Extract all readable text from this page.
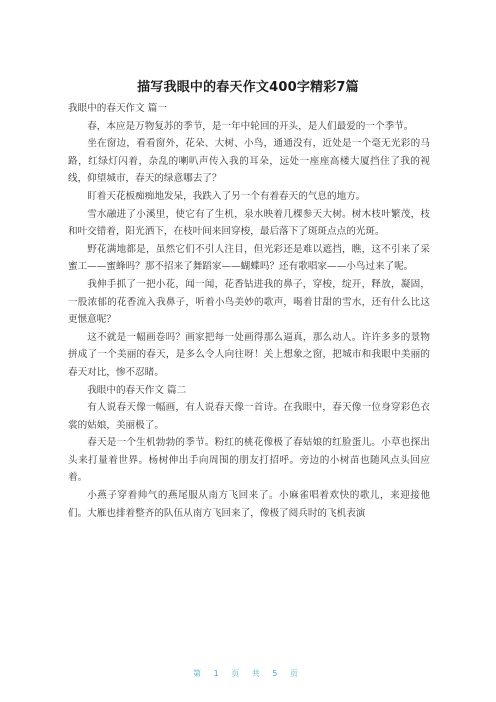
描写我眼中的春天作文400字精彩7篇

我眼中的春天作文 篇一

春，本应是万物复苏的季节，是一年中轮回的开头，是人们最爱的一个季节。

坐在窗边，看看窗外，花朵、大树、小鸟，通通没有，近处是一个毫无光彩的马路，红绿灯闪着，杂乱的喇叭声传入我的耳朵，远处一座座高楼大厦挡住了我的视线，仰望城市，春天的绿意哪去了？

盯着天花板痴痴地发呆，我跌入了另一个有着春天的气息的地方。

雪水融进了小溪里，使它有了生机，泉水映着几棵参天大树。树木枝叶繁茂，枝和叶交错着，阳光洒下，在枝叶间来回穿梭，最后落下了斑斑点点的光斑。

野花满地都是，虽然它们不引人注目，但光彩还是难以遮挡，瞧，这不引来了采蜜工——蜜蜂吗？那不招来了舞蹈家——蝴蝶吗？还有歌唱家——小鸟过来了呢。

我伸手抓了一把小花，闻一闻，花香钻进我的鼻子，穿梭，绽开，释放，凝固，一股浓郁的花香流入我鼻子，听着小鸟美妙的歌声，喝着甘甜的雪水，还有什么比这更惬意呢？

这不就是一幅画卷吗？画家把每一处画得那么逼真，那么动人。许许多多的景物拼成了一个美丽的春天，是多么令人向往呀！关上想象之窗，把城市和我眼中美丽的春天对比，惨不忍睹。

我眼中的春天作文 篇二

有人说春天像一幅画，有人说春天像一首诗。在我眼中，春天像一位身穿彩色衣裳的姑娘，美丽极了。

春天是一个生机勃勃的季节。粉红的桃花像极了春姑娘的红脸蛋儿。小草也探出头来打量着世界。杨树伸出手向周围的朋友打招呼。旁边的小树苗也随风点头回应着。

小燕子穿着帅气的燕尾服从南方飞回来了。小麻雀唱着欢快的歌儿，来迎接他们。大雁也排着整齐的队伍从南方飞回来了，像极了阅兵时的飞机表演

第 1 页 共 5 页
